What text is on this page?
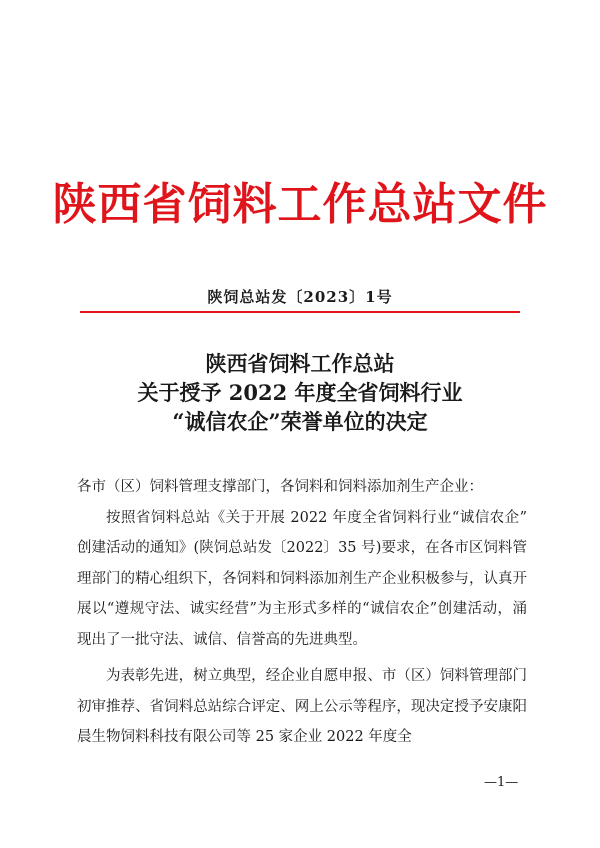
陕西省饲料工作总站文件
陕饲总站发〔2023〕1号
陕西省饲料工作总站
关于授予 2022 年度全省饲料行业
“诚信农企”荣誉单位的决定
各市（区）饲料管理支撑部门，各饲料和饲料添加剂生产企业：

按照省饲料总站《关于开展 2022 年度全省饲料行业“诚信农企” 创建活动的通知》(陕饲总站发〔2022〕35 号)要求，在各市区饲料管理部门的精心组织下，各饲料和饲料添加剂生产企业积极参与，认真开展以“遵规守法、诚实经营”为主形式多样的“诚信农企”创建活动，涌现出了一批守法、诚信、信誉高的先进典型。

为表彰先进，树立典型，经企业自愿申报、市（区）饲料管理部门初审推荐、省饲料总站综合评定、网上公示等程序，现决定授予安康阳晨生物饲料科技有限公司等 25 家企业 2022 年度全

—1—
